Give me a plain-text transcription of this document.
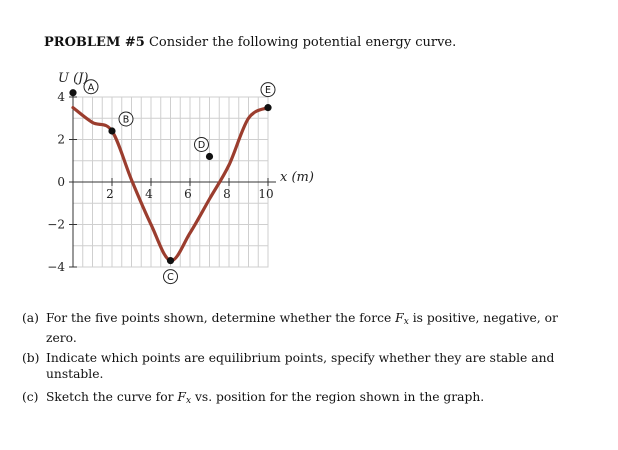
PROBLEM #5 Consider the following potential energy curve.
4
2
0
−2
−4
2	4	6	8 10
U (J)
x (m)
A
B
C
D
E
(a) For the five points shown, determine whether the force $F_x$ is positive, negative, or zero.
(b) Indicate which points are equilibrium points, specify whether they are stable and unstable.
(c) Sketch the curve for $F_x$ vs. position for the region shown in the graph.
